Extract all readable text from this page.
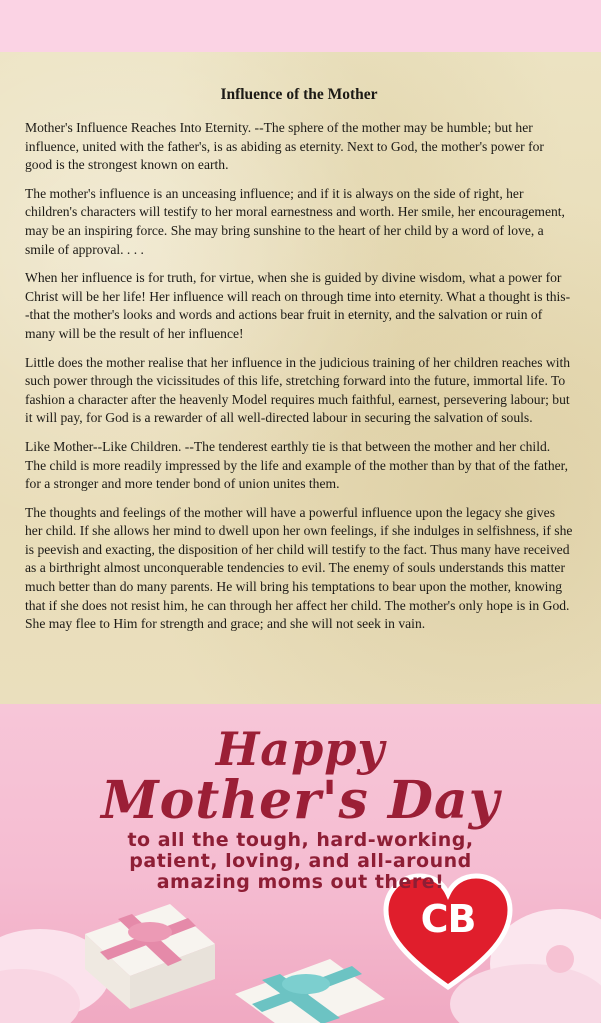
Influence of the Mother

Mother's Influence Reaches Into Eternity. --The sphere of the mother may be humble; but her influence, united with the father's, is as abiding as eternity. Next to God, the mother's power for good is the strongest known on earth.

The mother's influence is an unceasing influence; and if it is always on the side of right, her children's characters will testify to her moral earnestness and worth. Her smile, her encouragement, may be an inspiring force. She may bring sunshine to the heart of her child by a word of love, a smile of approval. . . .

When her influence is for truth, for virtue, when she is guided by divine wisdom, what a power for Christ will be her life! Her influence will reach on through time into eternity. What a thought is this--that the mother's looks and words and actions bear fruit in eternity, and the salvation or ruin of many will be the result of her influence!

Little does the mother realise that her influence in the judicious training of her children reaches with such power through the vicissitudes of this life, stretching forward into the future, immortal life. To fashion a character after the heavenly Model requires much faithful, earnest, persevering labour; but it will pay, for God is a rewarder of all well-directed labour in securing the salvation of souls.

Like Mother--Like Children. --The tenderest earthly tie is that between the mother and her child. The child is more readily impressed by the life and example of the mother than by that of the father, for a stronger and more tender bond of union unites them.

The thoughts and feelings of the mother will have a powerful influence upon the legacy she gives her child. If she allows her mind to dwell upon her own feelings, if she indulges in selfishness, if she is peevish and exacting, the disposition of her child will testify to the fact. Thus many have received as a birthright almost unconquerable tendencies to evil. The enemy of souls understands this matter much better than do many parents. He will bring his temptations to bear upon the mother, knowing that if she does not resist him, he can through her affect her child. The mother's only hope is in God. She may flee to Him for strength and grace; and she will not seek in vain.

Happy
Mother's Day
to all the tough, hard-working,
patient, loving, and all-around
amazing moms out there!
CB
